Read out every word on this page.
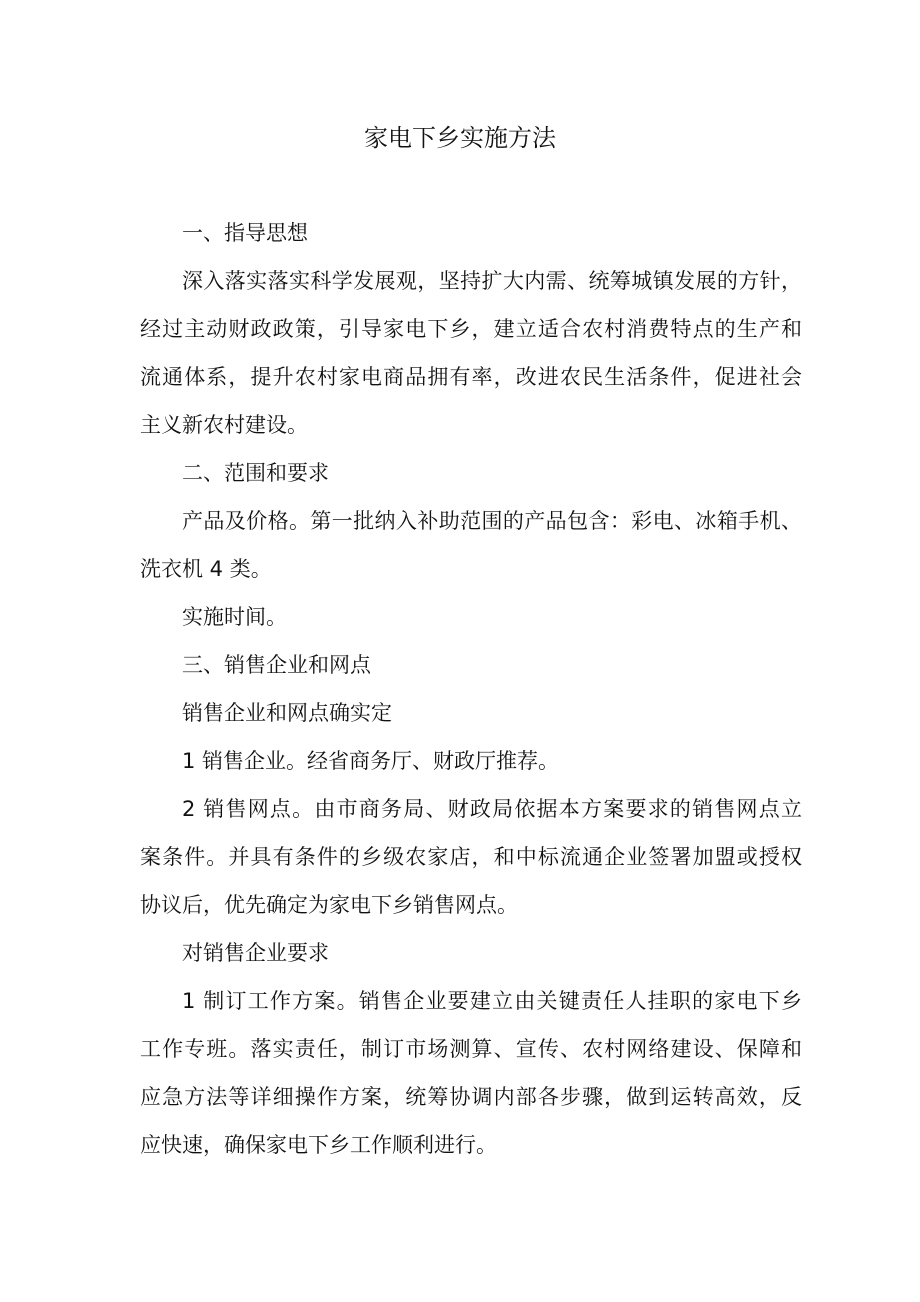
家电下乡实施方法
一、指导思想
深入落实落实科学发展观，坚持扩大内需、统筹城镇发展的方针，
经过主动财政政策，引导家电下乡，建立适合农村消费特点的生产和
流通体系，提升农村家电商品拥有率，改进农民生活条件，促进社会
主义新农村建设。
二、范围和要求
产品及价格。第一批纳入补助范围的产品包含：彩电、冰箱手机、
洗衣机 4 类。
实施时间。
三、销售企业和网点
销售企业和网点确实定
1 销售企业。经省商务厅、财政厅推荐。
2 销售网点。由市商务局、财政局依据本方案要求的销售网点立
案条件。并具有条件的乡级农家店，和中标流通企业签署加盟或授权
协议后，优先确定为家电下乡销售网点。
对销售企业要求
1 制订工作方案。销售企业要建立由关键责任人挂职的家电下乡
工作专班。落实责任，制订市场测算、宣传、农村网络建设、保障和
应急方法等详细操作方案，统筹协调内部各步骤，做到运转高效，反
应快速，确保家电下乡工作顺利进行。
